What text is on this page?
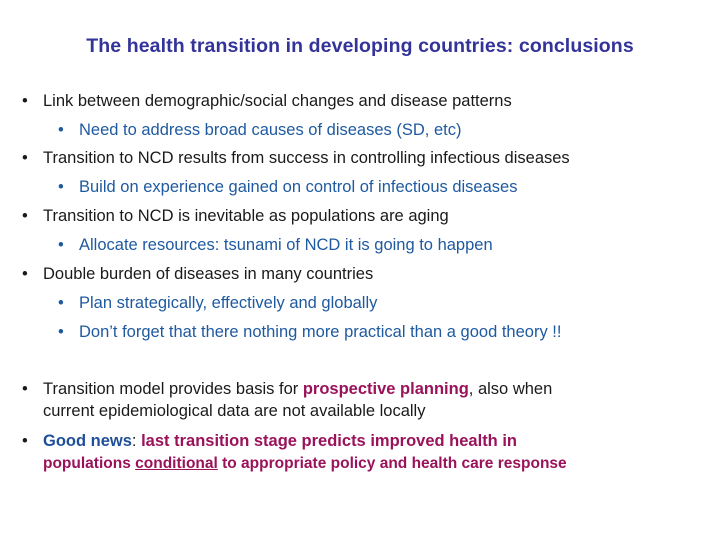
The health transition in developing countries: conclusions
• Link between demographic/social changes and disease patterns
• Need to address broad causes of diseases (SD, etc)
• Transition to NCD results from success in controlling infectious diseases
• Build on experience gained on control of infectious diseases
• Transition to NCD is inevitable as populations are aging
• Allocate resources: tsunami of NCD it is going to happen
• Double burden of diseases in many countries
• Plan strategically, effectively and globally
• Don’t forget that there nothing more practical than a good theory !!
• Transition model provides basis for prospective planning, also when
current epidemiological data are not available locally
• Good news: last transition stage predicts improved health in
populations conditional to appropriate policy and health care response
